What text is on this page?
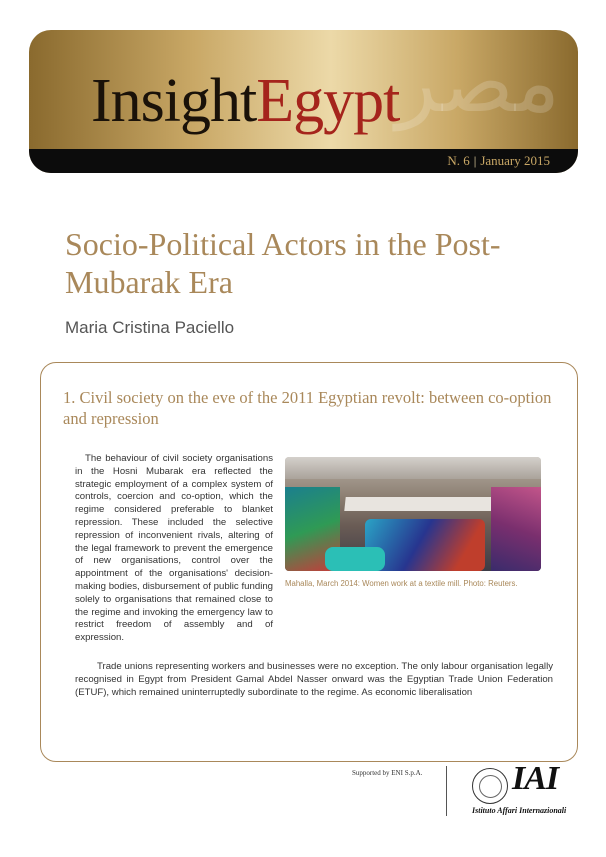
مصر
InsightEgypt
N. 6 | January 2015
Socio-Political Actors in the Post-Mubarak Era
Maria Cristina Paciello
1. Civil society on the eve of the 2011 Egyptian revolt: between co-option and repression

The behaviour of civil society organisations in the Hosni Mubarak era reflected the strategic employment of a complex system of controls, coercion and co-option, which the regime considered preferable to blanket repression. These included the selective repression of inconvenient rivals, altering of the legal framework to prevent the emergence of new organisations, control over the appointment of the organisations' decision-making bodies, disbursement of public funding solely to organisations that remained close to the regime and invoking the emergency law to restrict freedom of assembly and of expression.

Mahalla, March 2014: Women work at a textile mill. Photo: Reuters.

Trade unions representing workers and businesses were no exception. The only labour organisation legally recognised in Egypt from President Gamal Abdel Nasser onward was the Egyptian Trade Union Federation (ETUF), which remained uninterruptedly subordinate to the regime. As economic liberalisation

Supported by ENI S.p.A.	IAI
Istituto Affari Internazionali
